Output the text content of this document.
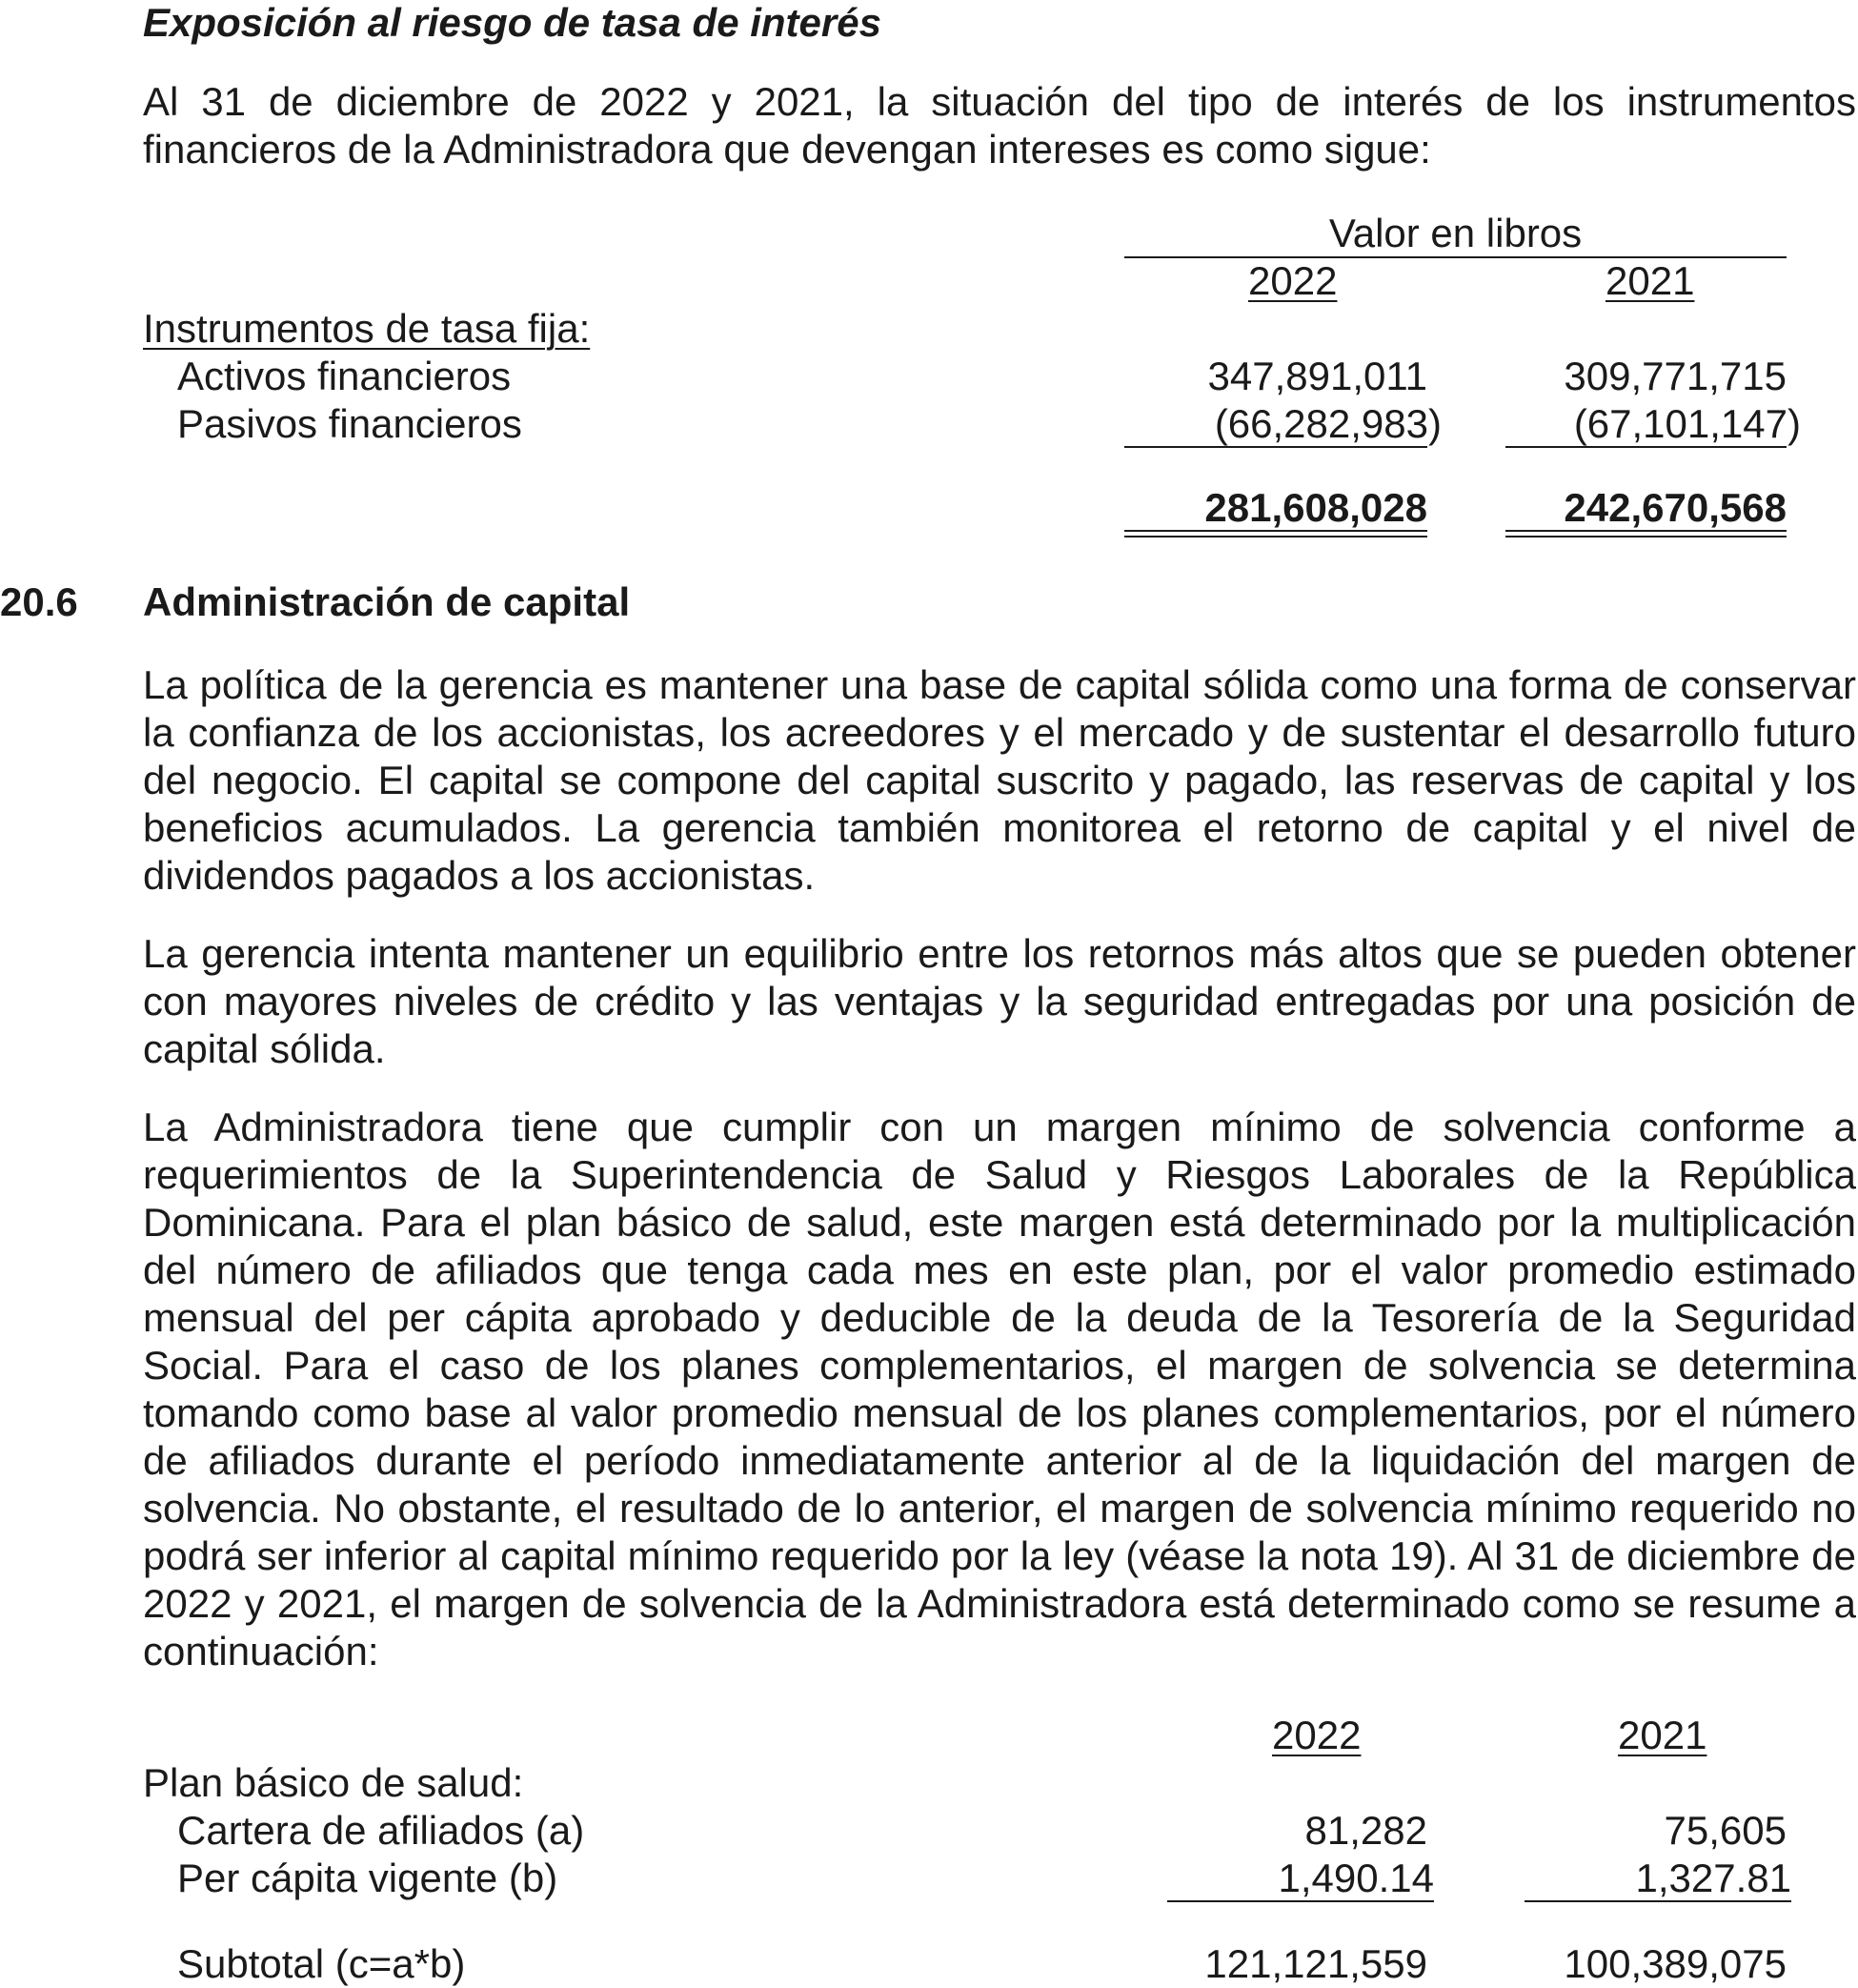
Exposición al riesgo de tasa de interés

Al 31 de diciembre de 2022 y 2021, la situación del tipo de interés de los instrumentos financieros de la Administradora que devengan intereses es como sigue:

Valor en libros
2022	2021
Instrumentos de tasa fija:
Activos financieros	347,891,011	309,771,715
Pasivos financieros	(66,282,983)	(67,101,147)
281,608,028	242,670,568
20.6 Administración de capital

La política de la gerencia es mantener una base de capital sólida como una forma de conservar la confianza de los accionistas, los acreedores y el mercado y de sustentar el desarrollo futuro del negocio. El capital se compone del capital suscrito y pagado, las reservas de capital y los beneficios acumulados. La gerencia también monitorea el retorno de capital y el nivel de dividendos pagados a los accionistas.

La gerencia intenta mantener un equilibrio entre los retornos más altos que se pueden obtener con mayores niveles de crédito y las ventajas y la seguridad entregadas por una posición de capital sólida.

La Administradora tiene que cumplir con un margen mínimo de solvencia conforme a requerimientos de la Superintendencia de Salud y Riesgos Laborales de la República Dominicana. Para el plan básico de salud, este margen está determinado por la multiplicación del número de afiliados que tenga cada mes en este plan, por el valor promedio estimado mensual del per cápita aprobado y deducible de la deuda de la Tesorería de la Seguridad Social. Para el caso de los planes complementarios, el margen de solvencia se determina tomando como base al valor promedio mensual de los planes complementarios, por el número de afiliados durante el período inmediatamente anterior al de la liquidación del margen de solvencia. No obstante, el resultado de lo anterior, el margen de solvencia mínimo requerido no podrá ser inferior al capital mínimo requerido por la ley (véase la nota 19). Al 31 de diciembre de 2022 y 2021, el margen de solvencia de la Administradora está determinado como se resume a continuación:

2022	2021
Plan básico de salud:
Cartera de afiliados (a)	81,282	75,605
Per cápita vigente (b)	1,490.14	1,327.81
Subtotal (c=a*b)	121,121,559	100,389,075
